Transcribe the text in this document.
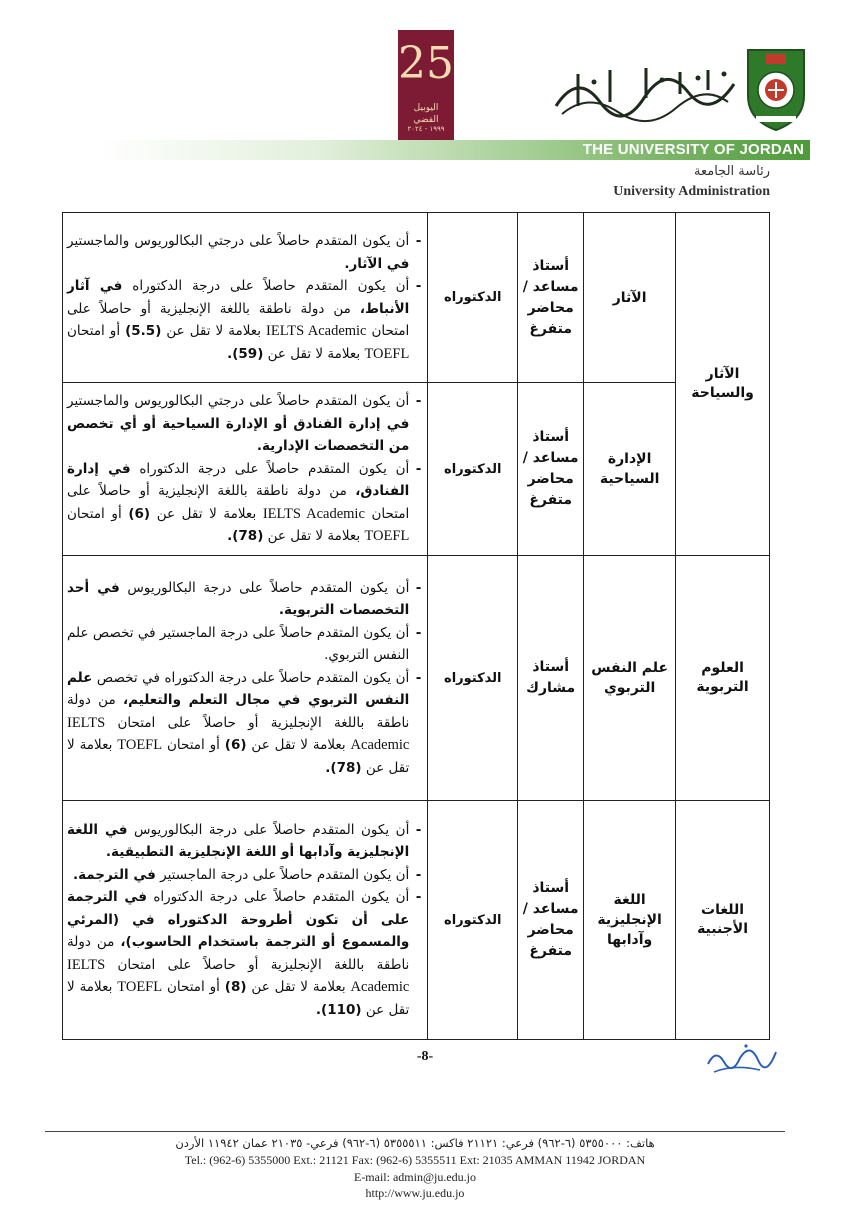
25
اليوبيل الفضي
١٩٩٩ - ٢٠٢٤
THE UNIVERSITY OF JORDAN
رئاسة الجامعة
University Administration
الآثار والسياحة	الآثار	أستاذ مساعد / محاضر متفرغ	الدكتوراه	- أن يكون المتقدم حاصلاً على درجتي البكالوريوس والماجستير في الآثار.
- أن يكون المتقدم حاصلاً على درجة الدكتوراه في آثار الأنباط، من دولة ناطقة باللغة الإنجليزية أو حاصلاً على امتحان IELTS Academic بعلامة لا تقل عن (5.5) أو امتحان TOEFL بعلامة لا تقل عن (59).

	الإدارة السياحية	أستاذ مساعد / محاضر متفرغ	الدكتوراه	- أن يكون المتقدم حاصلاً على درجتي البكالوريوس والماجستير في إدارة الفنادق أو الإدارة السياحية أو أي تخصص من التخصصات الإدارية.
- أن يكون المتقدم حاصلاً على درجة الدكتوراه في إدارة الفنادق، من دولة ناطقة باللغة الإنجليزية أو حاصلاً على امتحان IELTS Academic بعلامة لا تقل عن (6) أو امتحان TOEFL بعلامة لا تقل عن (78).

العلوم التربوية	علم النفس التربوي	أستاذ مشارك	الدكتوراه	- أن يكون المتقدم حاصلاً على درجة البكالوريوس في أحد التخصصات التربوية.
- أن يكون المتقدم حاصلاً على درجة الماجستير في تخصص علم النفس التربوي.
- أن يكون المتقدم حاصلاً على درجة الدكتوراه في تخصص علم النفس التربوي في مجال التعلم والتعليم، من دولة ناطقة باللغة الإنجليزية أو حاصلاً على امتحان IELTS Academic بعلامة لا تقل عن (6) أو امتحان TOEFL بعلامة لا تقل عن (78).

اللغات الأجنبية	اللغة الإنجليزية وآدابها	أستاذ مساعد / محاضر متفرغ	الدكتوراه	- أن يكون المتقدم حاصلاً على درجة البكالوريوس في اللغة الإنجليزية وآدابها أو اللغة الإنجليزية التطبيقية.
- أن يكون المتقدم حاصلاً على درجة الماجستير في الترجمة.
- أن يكون المتقدم حاصلاً على درجة الدكتوراه في الترجمة على أن تكون أطروحة الدكتوراه في (المرئي والمسموع أو الترجمة باستخدام الحاسوب)، من دولة ناطقة باللغة الإنجليزية أو حاصلاً على امتحان IELTS Academic بعلامة لا تقل عن (8) أو امتحان TOEFL بعلامة لا تقل عن (110).
-8-
هاتف: ٥٣٥٥٠٠٠ (٦-٩٦٢) فرعي: ٢١١٢١ فاكس: ٥٣٥٥٥١١ (٦-٩٦٢) فرعي- ٢١٠٣٥ عمان ١١٩٤٢ الأردن
Tel.: (962-6) 5355000 Ext.: 21121 Fax: (962-6) 5355511 Ext: 21035 AMMAN 11942 JORDAN
E-mail: admin@ju.edu.jo
http://www.ju.edu.jo
